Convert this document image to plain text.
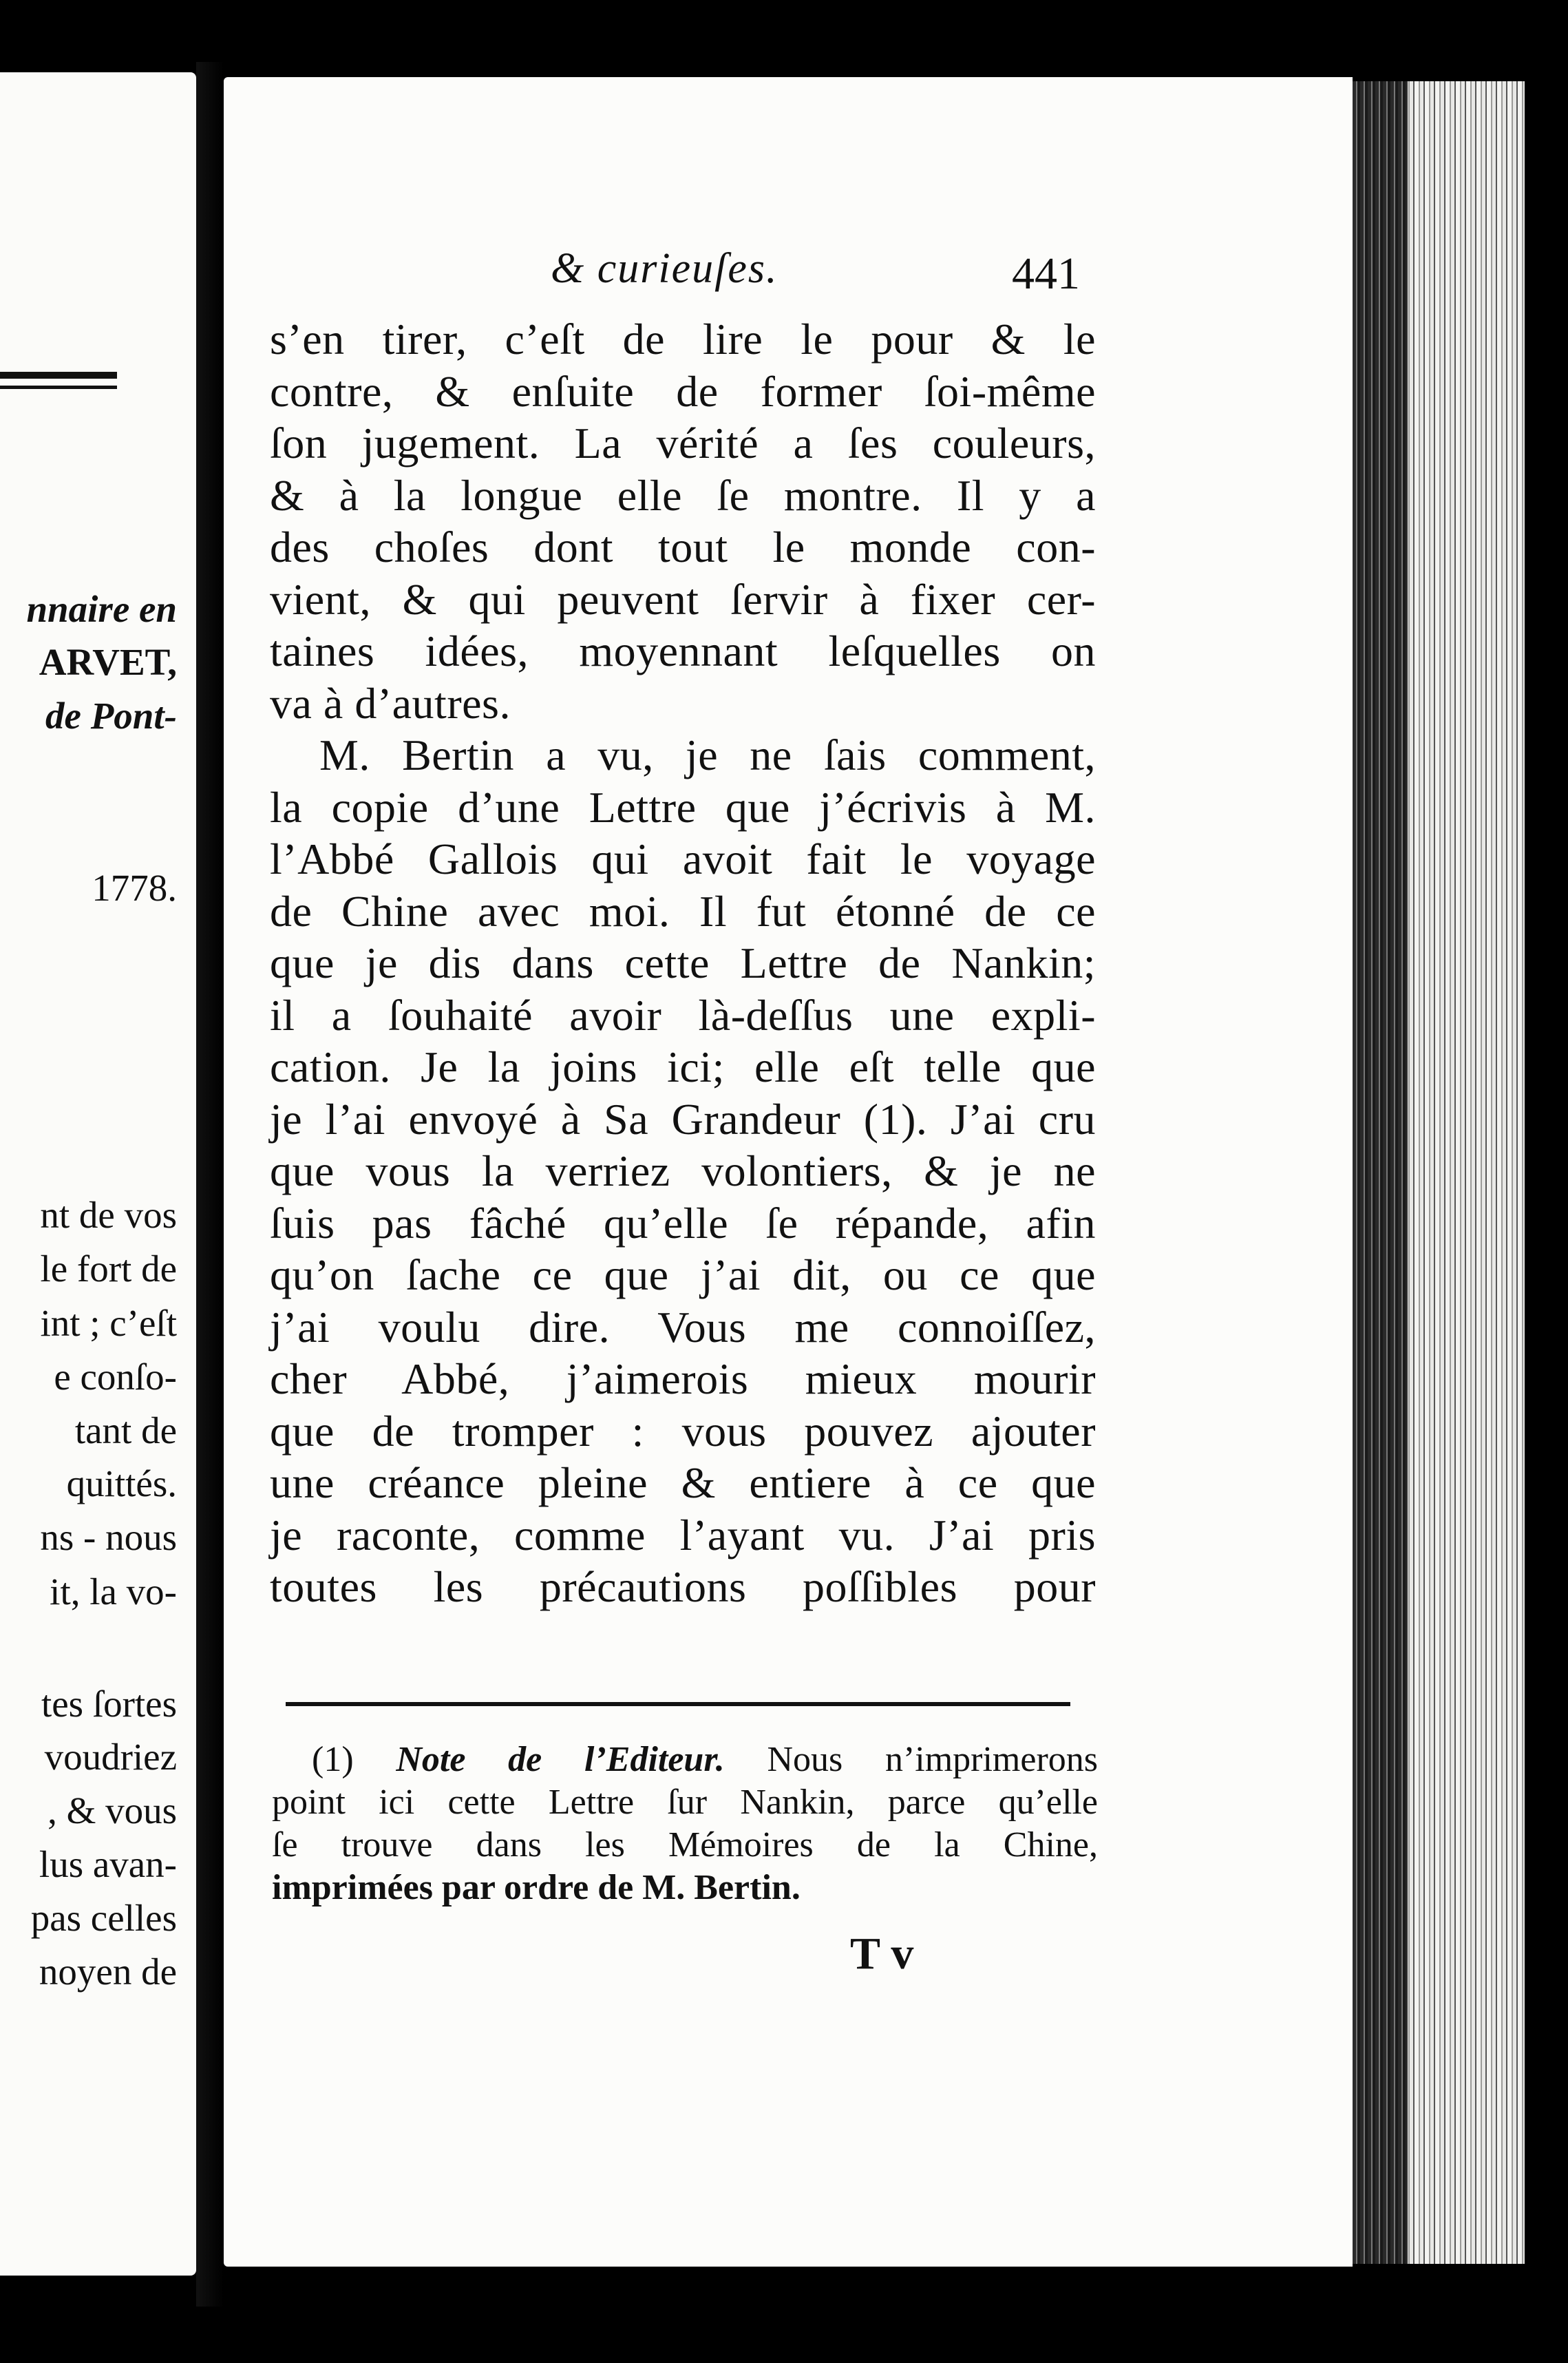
nnaire en
ARVET,
de Pont-
1778.
nt de vos
le fort de
int ; c’eſt
e conſo-
tant de
quittés.
ns - nous
it, la vo-
tes ſortes
voudriez
, & vous
lus avan-
pas celles
noyen de
& curieuſes.	441
s’en tirer, c’eſt de lire le pour & le
contre, & enſuite de former ſoi-même
ſon jugement. La vérité a ſes couleurs,
& à la longue elle ſe montre. Il y a
des choſes dont tout le monde con-
vient, & qui peuvent ſervir à fixer cer-
taines idées, moyennant leſquelles on
va à d’autres.
M. Bertin a vu, je ne ſais comment,
la copie d’une Lettre que j’écrivis à M.
l’Abbé Gallois qui avoit fait le voyage
de Chine avec moi. Il fut étonné de ce
que je dis dans cette Lettre de Nankin;
il a ſouhaité avoir là-deſſus une expli-
cation. Je la joins ici; elle eſt telle que
je l’ai envoyé à Sa Grandeur (1). J’ai cru
que vous la verriez volontiers, & je ne
ſuis pas fâché qu’elle ſe répande, afin
qu’on ſache ce que j’ai dit, ou ce que
j’ai voulu dire. Vous me connoiſſez,
cher Abbé, j’aimerois mieux mourir
que de tromper : vous pouvez ajouter
une créance pleine & entiere à ce que
je raconte, comme l’ayant vu. J’ai pris
toutes les précautions poſſibles pour
(1) Note de l’Editeur. Nous n’imprimerons
point ici cette Lettre ſur Nankin, parce qu’elle
ſe trouve dans les Mémoires de la Chine,
imprimées par ordre de M. Bertin.
T v
